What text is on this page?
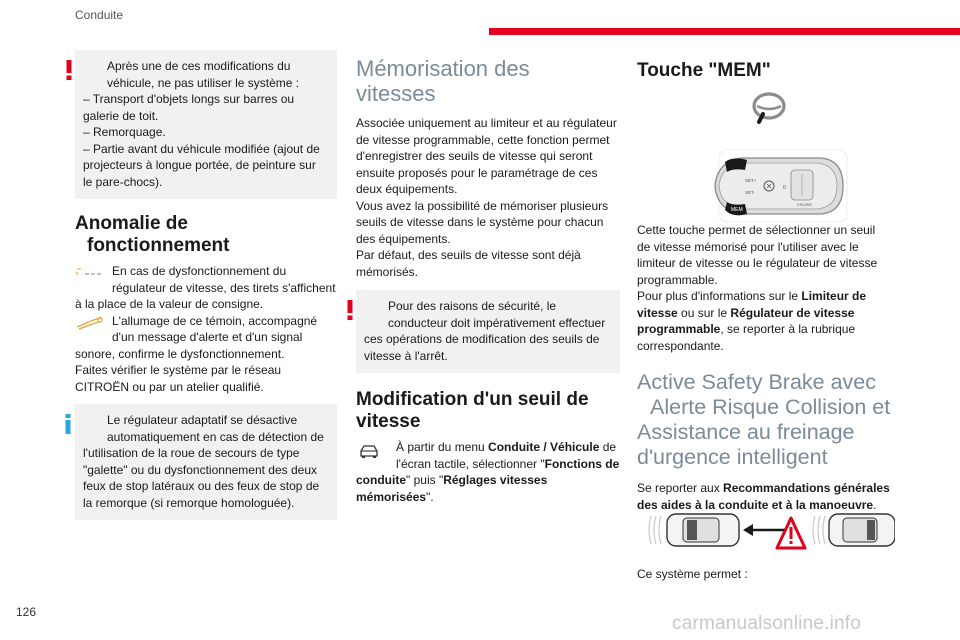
Conduite

Après une de ces modifications du

véhicule, ne pas utiliser le système :

– Transport d'objets longs sur barres ou

galerie de toit.

– Remorquage.

– Partie avant du véhicule modifiée (ajout de

projecteurs à longue portée, de peinture sur

le pare-chocs).

Anomalie de
fonctionnement

En cas de dysfonctionnement du

régulateur de vitesse, des tirets s'affichent

à la place de la valeur de consigne.

L'allumage de ce témoin, accompagné

d'un message d'alerte et d'un signal

sonore, confirme le dysfonctionnement.

Faites vérifier le système par le réseau

CITROËN ou par un atelier qualifié.

Le régulateur adaptatif se désactive

automatiquement en cas de détection de

l'utilisation de la roue de secours de type

"galette" ou du dysfonctionnement des deux

feux de stop latéraux ou des feux de stop de

la remorque (si remorque homologuée).

Mémorisation des
vitesses

Associée uniquement au limiteur et au régulateur

de vitesse programmable, cette fonction permet

d'enregistrer des seuils de vitesse qui seront

ensuite proposés pour le paramétrage de ces

deux équipements.

Vous avez la possibilité de mémoriser plusieurs

seuils de vitesse dans le système pour chacun

des équipements.

Par défaut, des seuils de vitesse sont déjà

mémorisés.

Pour des raisons de sécurité, le

conducteur doit impérativement effectuer

ces opérations de modification des seuils de

vitesse à l'arrêt.

Modification d'un seuil de
vitesse

À partir du menu Conduite / Véhicule de

l'écran tactile, sélectionner "Fonctions de

conduite" puis "Réglages vitesses

mémorisées".

Touche "MEM"
SET+
SET-
0
CRUISE
MEM

Cette touche permet de sélectionner un seuil

de vitesse mémorisé pour l'utiliser avec le

limiteur de vitesse ou le régulateur de vitesse

programmable.

Pour plus d'informations sur le Limiteur de

vitesse ou sur le Régulateur de vitesse

programmable, se reporter à la rubrique

correspondante.

Active Safety Brake avec
Alerte Risque Collision et
Assistance au freinage
d'urgence intelligent

Se reporter aux Recommandations générales

des aides à la conduite et à la manoeuvre.

Ce système permet :

126
carmanualsonline.info
